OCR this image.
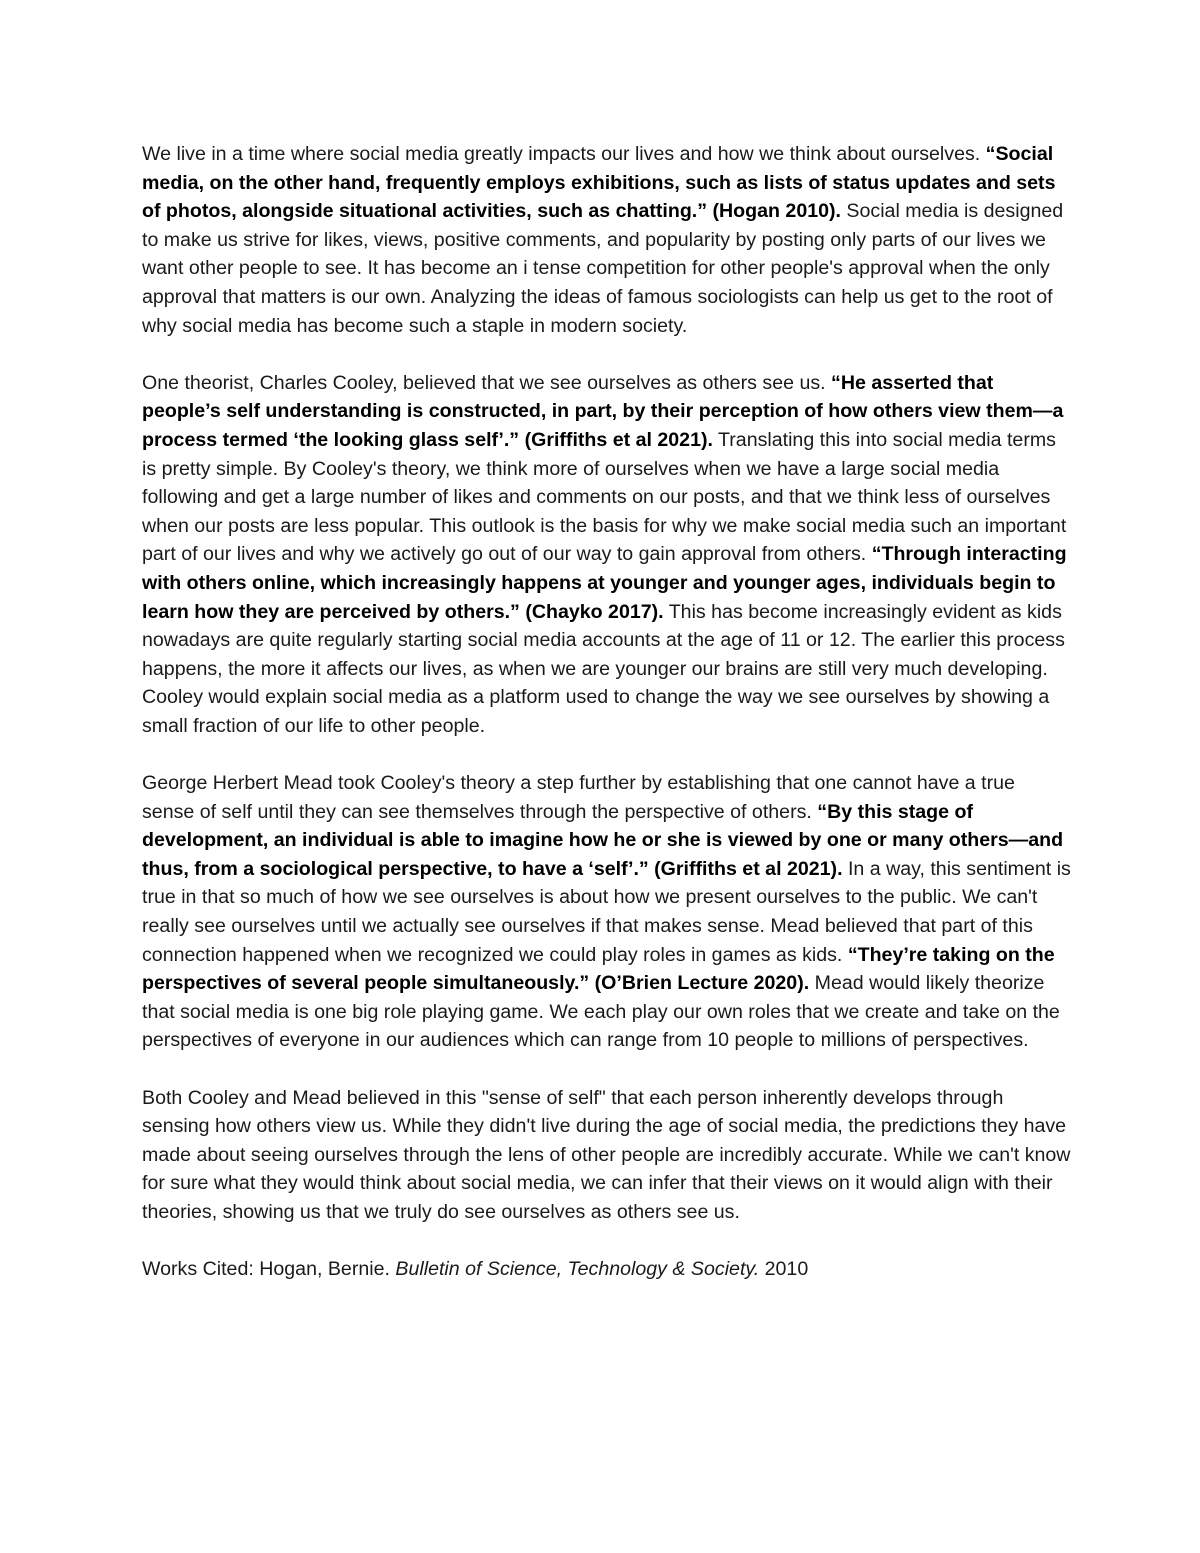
We live in a time where social media greatly impacts our lives and how we think about ourselves. “Social media, on the other hand, frequently employs exhibitions, such as lists of status updates and sets of photos, alongside situational activities, such as chatting.” (Hogan 2010). Social media is designed to make us strive for likes, views, positive comments, and popularity by posting only parts of our lives we want other people to see. It has become an i tense competition for other people's approval when the only approval that matters is our own. Analyzing the ideas of famous sociologists can help us get to the root of why social media has become such a staple in modern society.

One theorist, Charles Cooley, believed that we see ourselves as others see us. “He asserted that people’s self understanding is constructed, in part, by their perception of how others view them—a process termed ‘the looking glass self’.” (Griffiths et al 2021). Translating this into social media terms is pretty simple. By Cooley's theory, we think more of ourselves when we have a large social media following and get a large number of likes and comments on our posts, and that we think less of ourselves when our posts are less popular. This outlook is the basis for why we make social media such an important part of our lives and why we actively go out of our way to gain approval from others. “Through interacting with others online, which increasingly happens at younger and younger ages, individuals begin to learn how they are perceived by others.” (Chayko 2017). This has become increasingly evident as kids nowadays are quite regularly starting social media accounts at the age of 11 or 12. The earlier this process happens, the more it affects our lives, as when we are younger our brains are still very much developing. Cooley would explain social media as a platform used to change the way we see ourselves by showing a small fraction of our life to other people.

George Herbert Mead took Cooley's theory a step further by establishing that one cannot have a true sense of self until they can see themselves through the perspective of others. “By this stage of development, an individual is able to imagine how he or she is viewed by one or many others—and thus, from a sociological perspective, to have a ‘self’.” (Griffiths et al 2021). In a way, this sentiment is true in that so much of how we see ourselves is about how we present ourselves to the public. We can't really see ourselves until we actually see ourselves if that makes sense. Mead believed that part of this connection happened when we recognized we could play roles in games as kids. “They’re taking on the perspectives of several people simultaneously.” (O’Brien Lecture 2020). Mead would likely theorize that social media is one big role playing game. We each play our own roles that we create and take on the perspectives of everyone in our audiences which can range from 10 people to millions of perspectives.

Both Cooley and Mead believed in this "sense of self" that each person inherently develops through sensing how others view us. While they didn't live during the age of social media, the predictions they have made about seeing ourselves through the lens of other people are incredibly accurate. While we can't know for sure what they would think about social media, we can infer that their views on it would align with their theories, showing us that we truly do see ourselves as others see us.

Works Cited: Hogan, Bernie. Bulletin of Science, Technology & Society. 2010
